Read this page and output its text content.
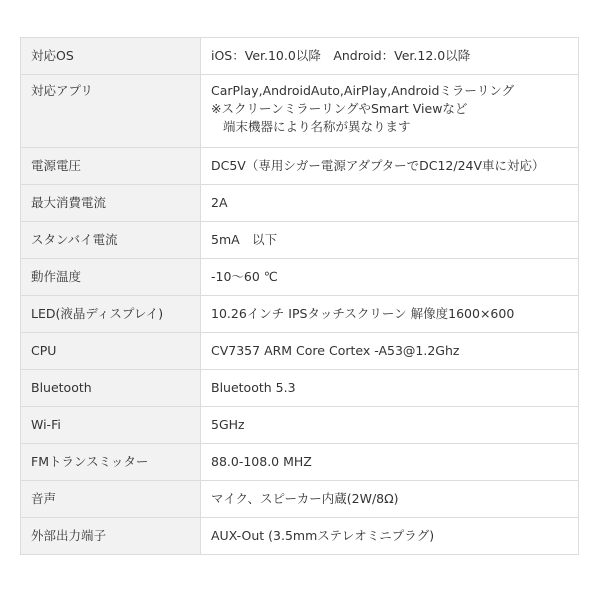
対応OS	iOS：Ver.10.0以降　Android：Ver.12.0以降

対応アプリ	CarPlay,AndroidAuto,AirPlay,Androidミラーリング
※スクリーンミラーリングやSmart Viewなど
端末機器により名称が異なります

電源電圧	DC5V（専用シガー電源アダプターでDC12/24V車に対応）

最大消費電流	2A

スタンバイ電流	5mA　以下

動作温度	-10～60 ℃

LED(液晶ディスプレイ)	10.26インチ IPSタッチスクリーン 解像度1600×600

CPU	CV7357 ARM Core Cortex -A53@1.2Ghz

Bluetooth	Bluetooth 5.3

Wi-Fi	5GHz

FMトランスミッター	88.0-108.0 MHZ

音声	マイク、スピーカー内蔵(2W/8Ω)

外部出力端子	AUX-Out (3.5mmステレオミニプラグ)
